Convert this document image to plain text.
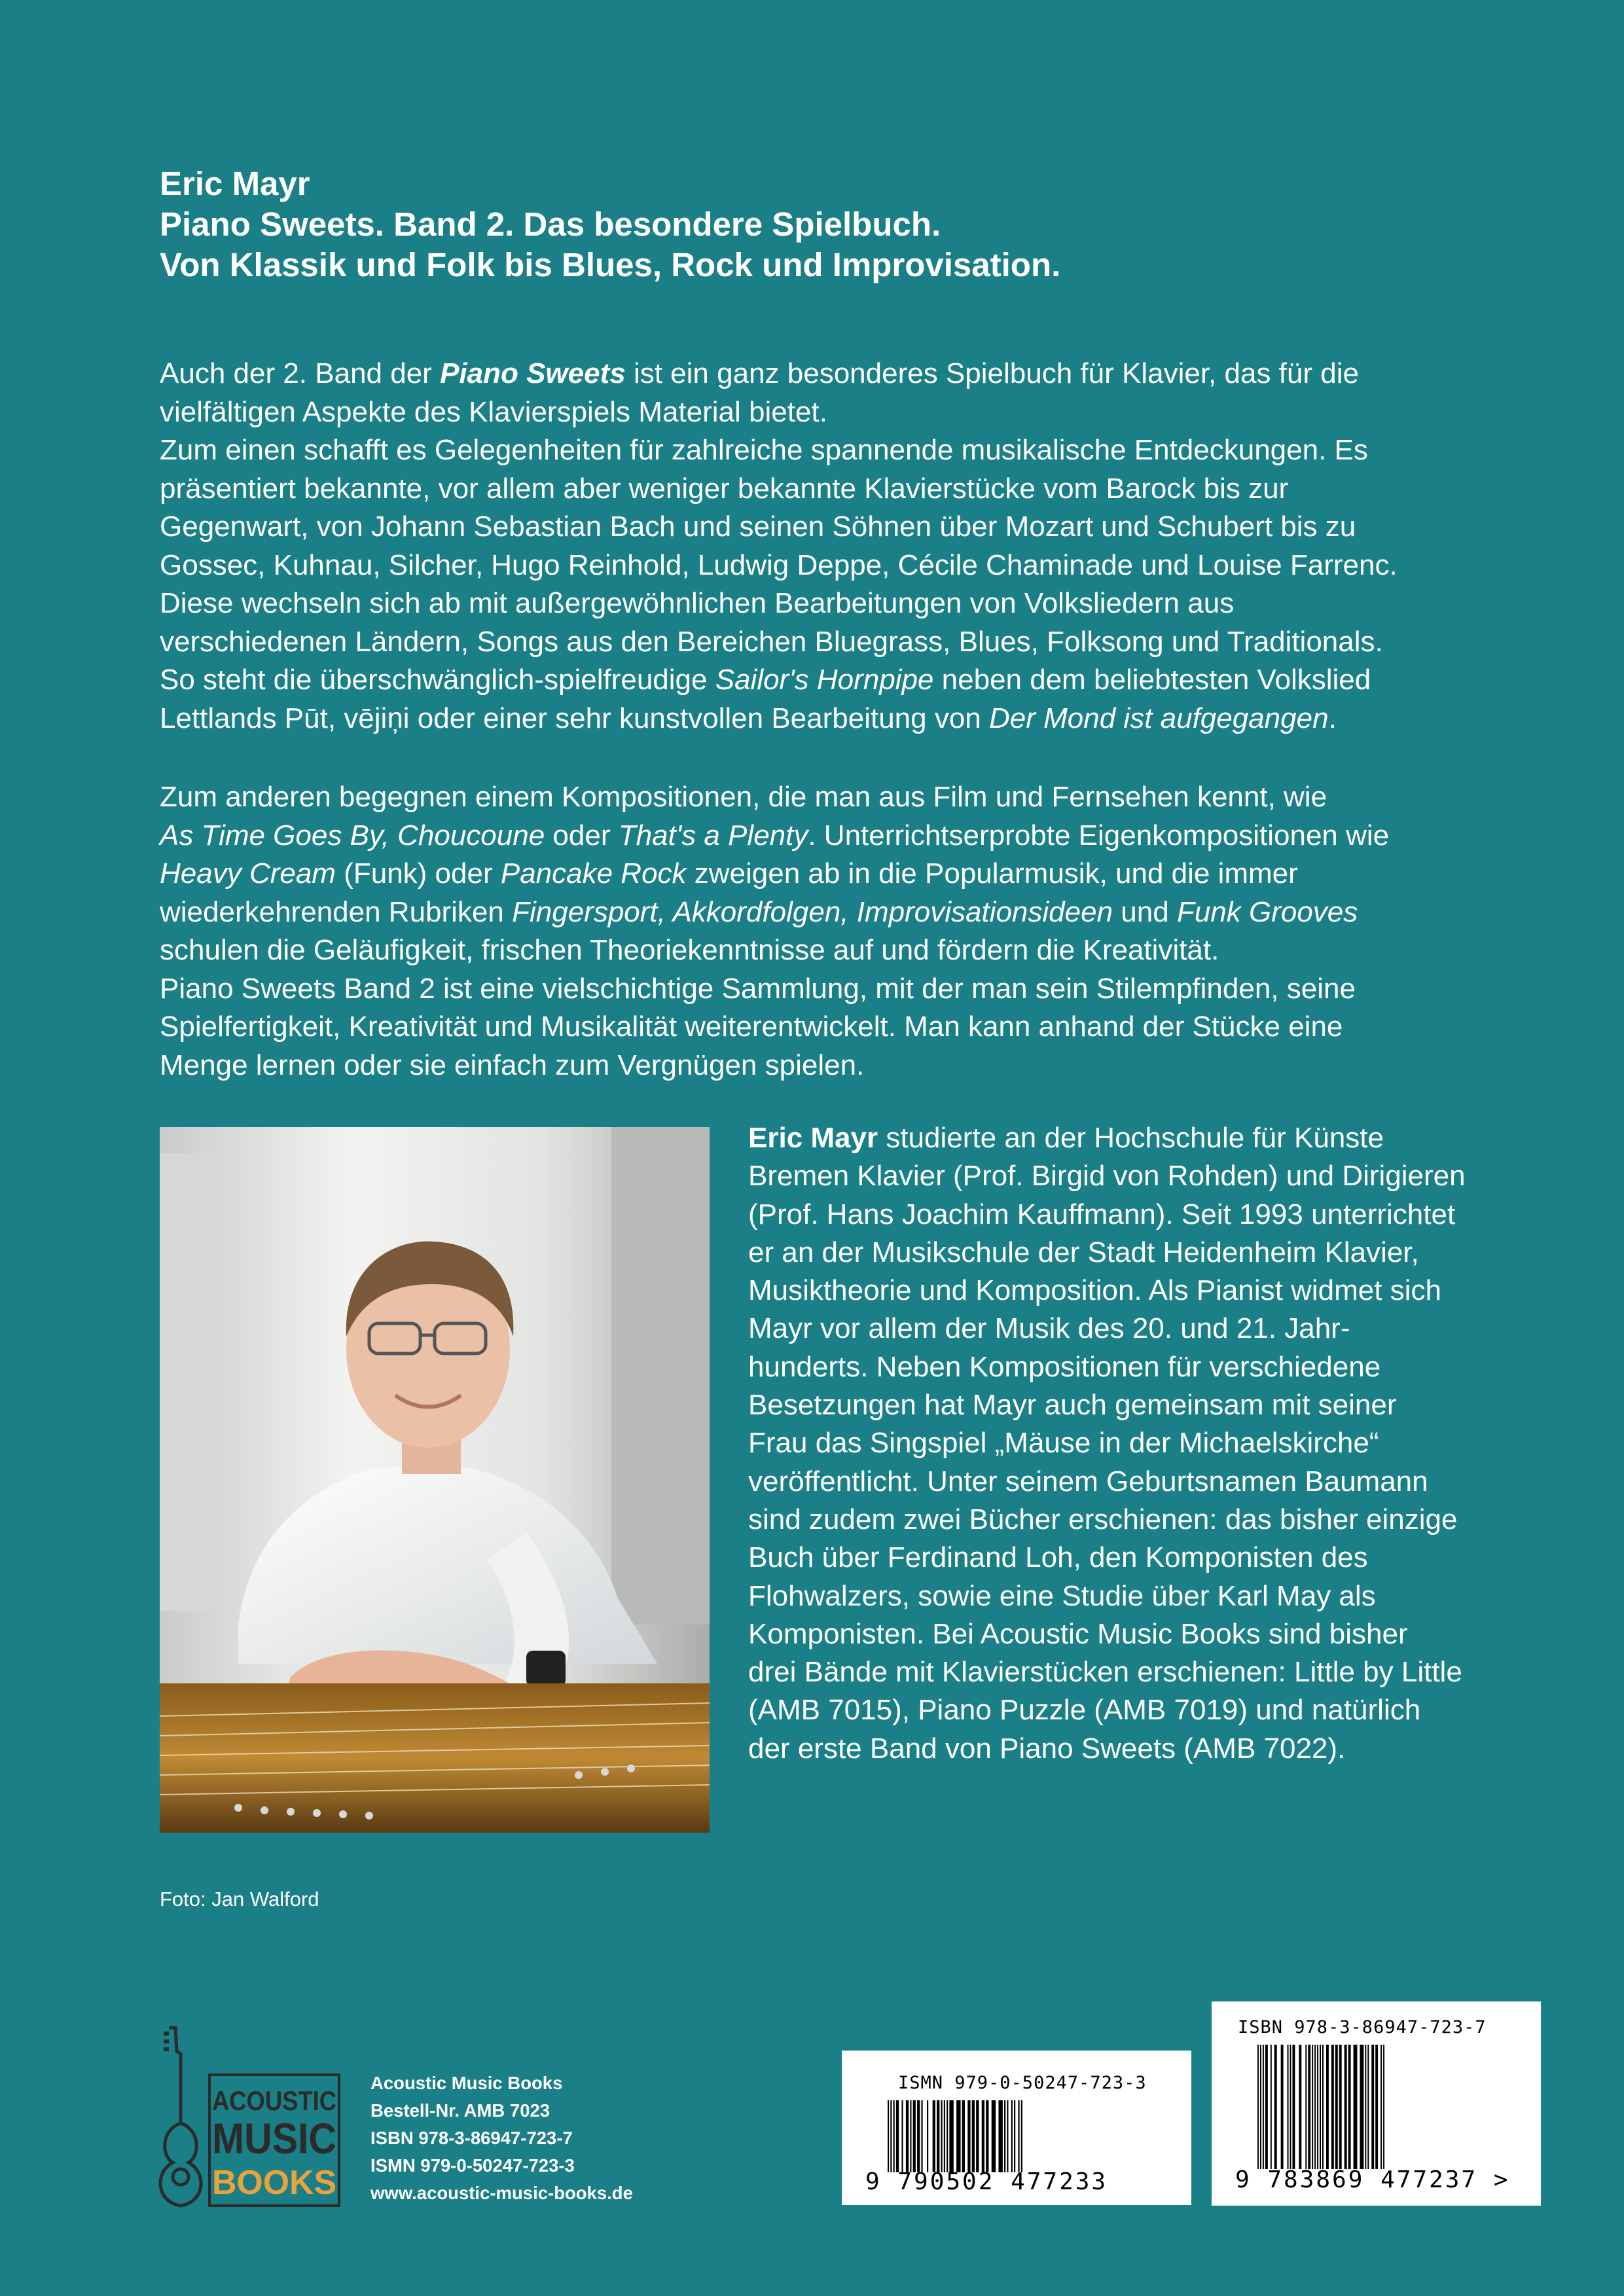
Eric Mayr
Piano Sweets. Band 2. Das besondere Spielbuch.
Von Klassik und Folk bis Blues, Rock und Improvisation.
Auch der 2. Band der Piano Sweets ist ein ganz besonderes Spielbuch für Klavier, das für die
vielfältigen Aspekte des Klavierspiels Material bietet.
Zum einen schafft es Gelegenheiten für zahlreiche spannende musikalische Entdeckungen. Es
präsentiert bekannte, vor allem aber weniger bekannte Klavierstücke vom Barock bis zur
Gegenwart, von Johann Sebastian Bach und seinen Söhnen über Mozart und Schubert bis zu
Gossec, Kuhnau, Silcher, Hugo Reinhold, Ludwig Deppe, Cécile Chaminade und Louise Farrenc.
Diese wechseln sich ab mit außergewöhnlichen Bearbeitungen von Volksliedern aus
verschiedenen Ländern, Songs aus den Bereichen Bluegrass, Blues, Folksong und Traditionals.
So steht die überschwänglich-spielfreudige Sailor's Hornpipe neben dem beliebtesten Volkslied
Lettlands Pūt, vējiņi oder einer sehr kunstvollen Bearbeitung von Der Mond ist aufgegangen.
Zum anderen begegnen einem Kompositionen, die man aus Film und Fernsehen kennt, wie
As Time Goes By, Choucoune oder That's a Plenty. Unterrichtserprobte Eigenkompositionen wie
Heavy Cream (Funk) oder Pancake Rock zweigen ab in die Popularmusik, und die immer
wiederkehrenden Rubriken Fingersport, Akkordfolgen, Improvisationsideen und Funk Grooves
schulen die Geläufigkeit, frischen Theoriekenntnisse auf und fördern die Kreativität.
Piano Sweets Band 2 ist eine vielschichtige Sammlung, mit der man sein Stilempfinden, seine
Spielfertigkeit, Kreativität und Musikalität weiterentwickelt. Man kann anhand der Stücke eine
Menge lernen oder sie einfach zum Vergnügen spielen.
Eric Mayr studierte an der Hochschule für Künste
Bremen Klavier (Prof. Birgid von Rohden) und Dirigieren
(Prof. Hans Joachim Kauffmann). Seit 1993 unterrichtet
er an der Musikschule der Stadt Heidenheim Klavier,
Musiktheorie und Komposition. Als Pianist widmet sich
Mayr vor allem der Musik des 20. und 21. Jahr-
hunderts. Neben Kompositionen für verschiedene
Besetzungen hat Mayr auch gemeinsam mit seiner
Frau das Singspiel „Mäuse in der Michaelskirche“
veröffentlicht. Unter seinem Geburtsnamen Baumann
sind zudem zwei Bücher erschienen: das bisher einzige
Buch über Ferdinand Loh, den Komponisten des
Flohwalzers, sowie eine Studie über Karl May als
Komponisten. Bei Acoustic Music Books sind bisher
drei Bände mit Klavierstücken erschienen: Little by Little
(AMB 7015), Piano Puzzle (AMB 7019) und natürlich
der erste Band von Piano Sweets (AMB 7022).
Foto: Jan Walford
ACOUSTIC
MUSIC
BOOKS
Acoustic Music Books
Bestell-Nr. AMB 7023
ISBN 978-3-86947-723-7
ISMN 979-0-50247-723-3
www.acoustic-music-books.de
ISMN 979-0-50247-723-3
9 790502 477233
ISBN 978-3-86947-723-7
9 783869 477237 >
